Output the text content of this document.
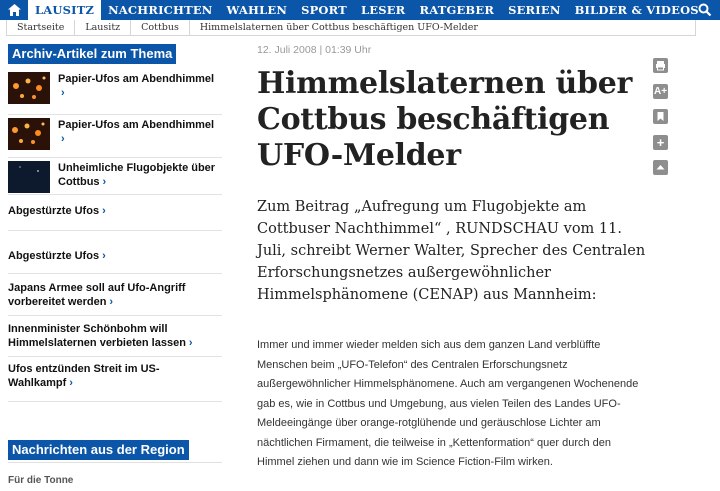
LAUSITZ	NACHRICHTEN	WAHLEN	SPORT	LESER	RATGEBER	SERIEN	BILDER & VIDEOS
Startseite	Lausitz	Cottbus	Himmelslaternen über Cottbus beschäftigen UFO-Melder
Archiv-Artikel zum Thema
Papier-Ufos am Abendhimmel
›
Papier-Ufos am Abendhimmel
›
Unheimliche Flugobjekte über Cottbus ›
Abgestürzte Ufos ›
Abgestürzte Ufos ›
Japans Armee soll auf Ufo-Angriff vorbereitet werden ›
Innenminister Schönbohm will Himmelslaternen verbieten lassen ›
Ufos entzünden Streit im US-Wahlkampf ›
Nachrichten aus der Region
Für die Tonne
12. Juli 2008 | 01:39 Uhr
Himmelslaternen über Cottbus beschäftigen UFO-Melder

Zum Beitrag „Aufregung um Flugobjekte am Cottbuser Nachthimmel“ , RUNDSCHAU vom 11. Juli, schreibt Werner Walter, Sprecher des Centralen Erforschungsnetzes außergewöhnlicher Himmelsphänomene (CENAP) aus Mannheim:

Immer und immer wieder melden sich aus dem ganzen Land verblüffte Menschen beim „UFO-Telefon“ des Centralen Erforschungsnetz außergewöhnlicher Himmelsphänomene. Auch am vergangenen Wochenende gab es, wie in Cottbus und Umgebung, aus vielen Teilen des Landes UFO-Meldeeingänge über orange-rotglühende und geräuschlose Lichter am nächtlichen Firmament, die teilweise in „Kettenformation“ quer durch den Himmel ziehen und dann wie im Science Fiction-Film wirken.

A+
+
